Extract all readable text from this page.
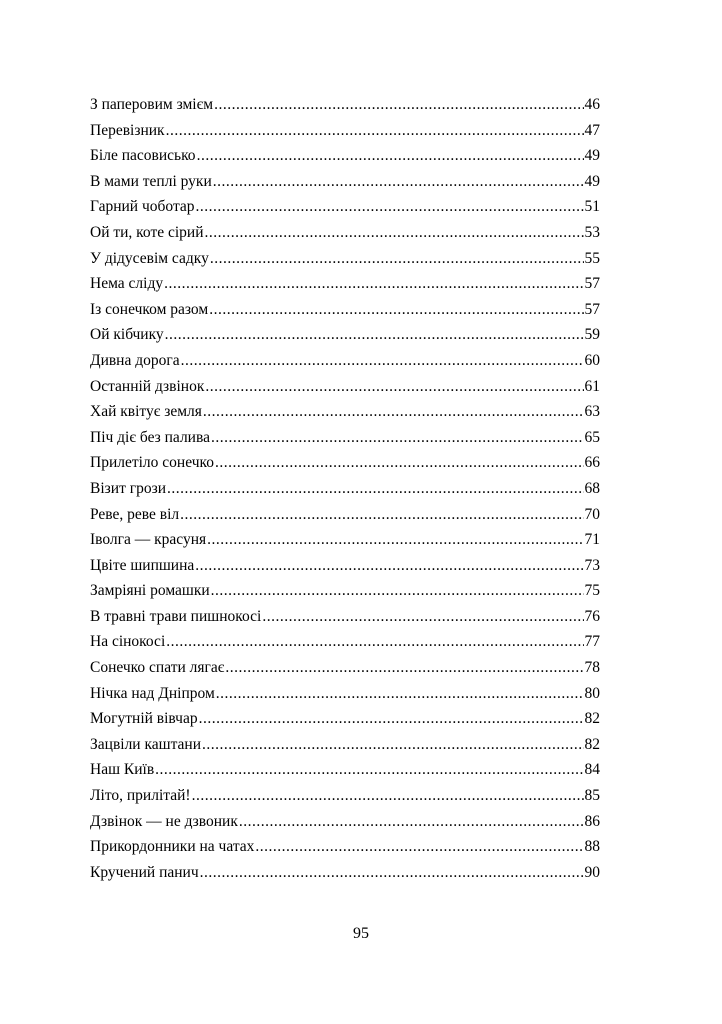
З паперовим змієм .....	46
Перевізник .....	47
Біле пасовисько .....	49
В мами теплі руки .....	49
Гарний чоботар .....	51
Ой ти, коте сірий .....	53
У дідусевім садку .....	55
Нема сліду .....	57
Із сонечком разом .....	57
Ой кібчику .....	59
Дивна дорога .....	60
Останній дзвінок .....	61
Хай квітує земля .....	63
Піч діє без палива .....	65
Прилетіло сонечко .....	66
Візит грози .....	68
Реве, реве віл .....	70
Іволга — красуня .....	71
Цвіте шипшина .....	73
Замріяні ромашки .....	75
В травні трави пишнокосі .....	76
На сінокосі .....	77
Сонечко спати лягає .....	78
Нічка над Дніпром .....	80
Могутній вівчар .....	82
Зацвіли каштани .....	82
Наш Київ .....	84
Літо, прилітай! .....	85
Дзвінок — не дзвоник .....	86
Прикордонники на чатах .....	88
Кручений панич .....	90
95
